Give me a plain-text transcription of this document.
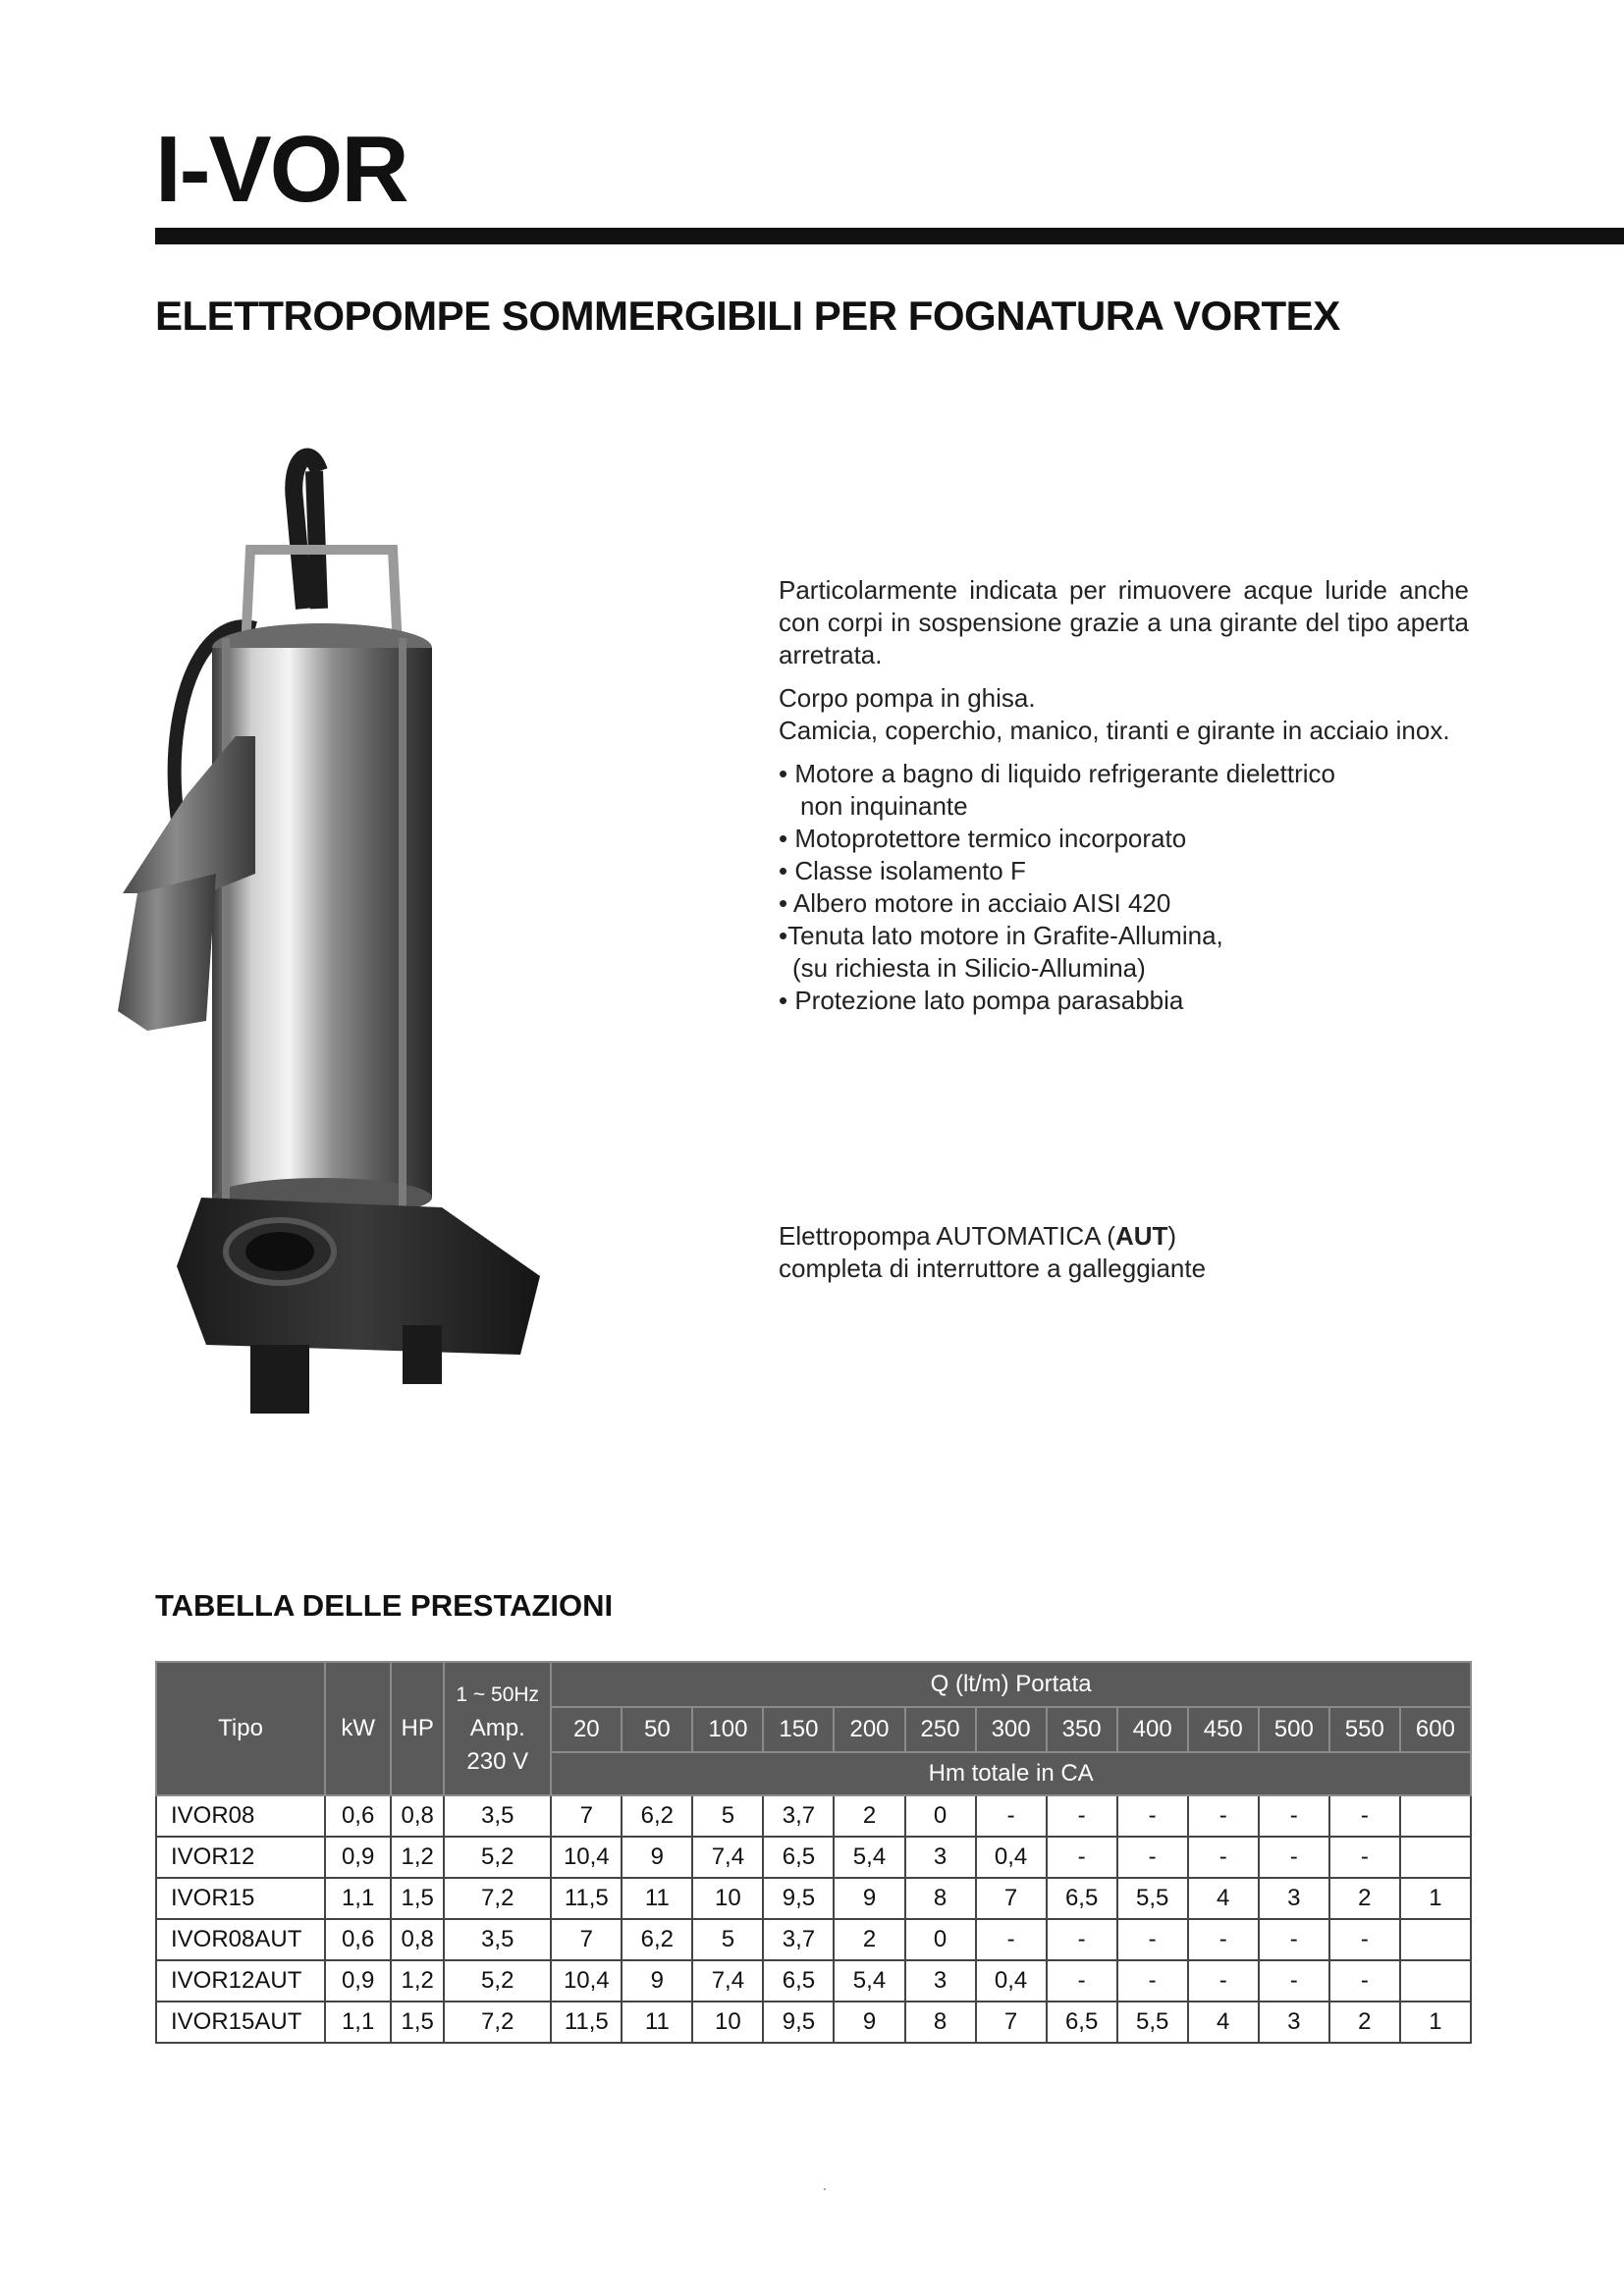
I-VOR
ELETTROPOMPE SOMMERGIBILI PER FOGNATURA VORTEX

Particolarmente indicata per rimuovere acque luride anche con corpi in sospensione grazie a una girante del tipo aperta arretrata.

Corpo pompa in ghisa.
Camicia, coperchio, manico, tiranti e girante in acciaio inox.

• Motore a bagno di liquido refrigerante dielettrico
non inquinante
• Motoprotettore termico incorporato
• Classe isolamento F
• Albero motore in acciaio AISI 420
•Tenuta lato motore in Grafite-Allumina,
(su richiesta in Silicio-Allumina)
• Protezione lato pompa parasabbia
Elettropompa AUTOMATICA (AUT)
completa di interruttore a galleggiante
TABELLA DELLE PRESTAZIONI
Tipo	kW	HP	1 ~ 50Hz
Amp.
230 V	Q (lt/m) Portata												
				20	50	100	150	200	250	300	350	400	450	500	550	600
				Hm totale in CA												
IVOR08	0,6	0,8	3,5	7	6,2	5	3,7	2	0	-	-	-	-	-	-	
IVOR12	0,9	1,2	5,2	10,4	9	7,4	6,5	5,4	3	0,4	-	-	-	-	-	
IVOR15	1,1	1,5	7,2	11,5	11	10	9,5	9	8	7	6,5	5,5	4	3	2	1
IVOR08AUT	0,6	0,8	3,5	7	6,2	5	3,7	2	0	-	-	-	-	-	-	
IVOR12AUT	0,9	1,2	5,2	10,4	9	7,4	6,5	5,4	3	0,4	-	-	-	-	-	
IVOR15AUT	1,1	1,5	7,2	11,5	11	10	9,5	9	8	7	6,5	5,5	4	3	2	1
.
